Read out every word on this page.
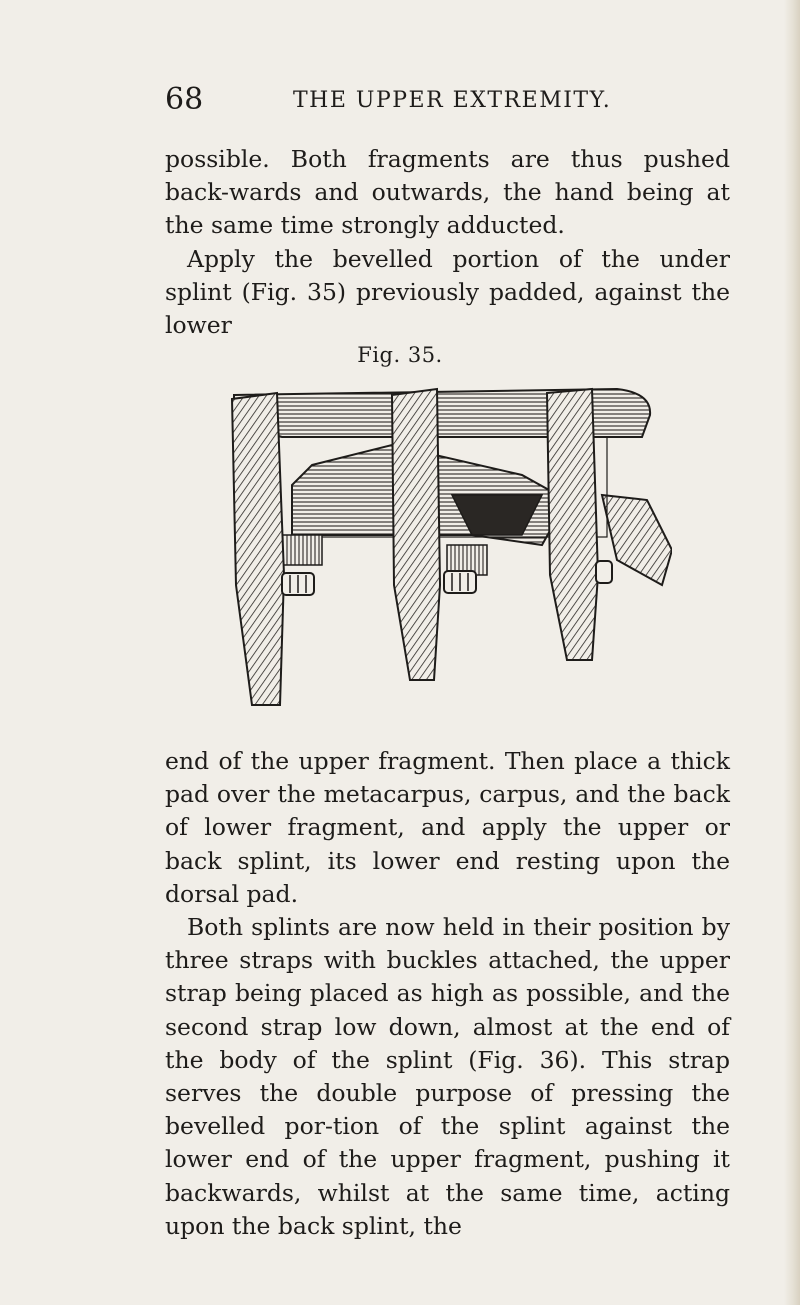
68	THE UPPER EXTREMITY.

possible. Both fragments are thus pushed back-wards and outwards, the hand being at the same time strongly adducted.

Apply the bevelled portion of the under splint (Fig. 35) previously padded, against the lower

Fig. 35.

end of the upper fragment. Then place a thick pad over the metacarpus, carpus, and the back of lower fragment, and apply the upper or back splint, its lower end resting upon the dorsal pad.

Both splints are now held in their position by three straps with buckles attached, the upper strap being placed as high as possible, and the second strap low down, almost at the end of the body of the splint (Fig. 36). This strap serves the double purpose of pressing the bevelled por-tion of the splint against the lower end of the upper fragment, pushing it backwards, whilst at the same time, acting upon the back splint, the
